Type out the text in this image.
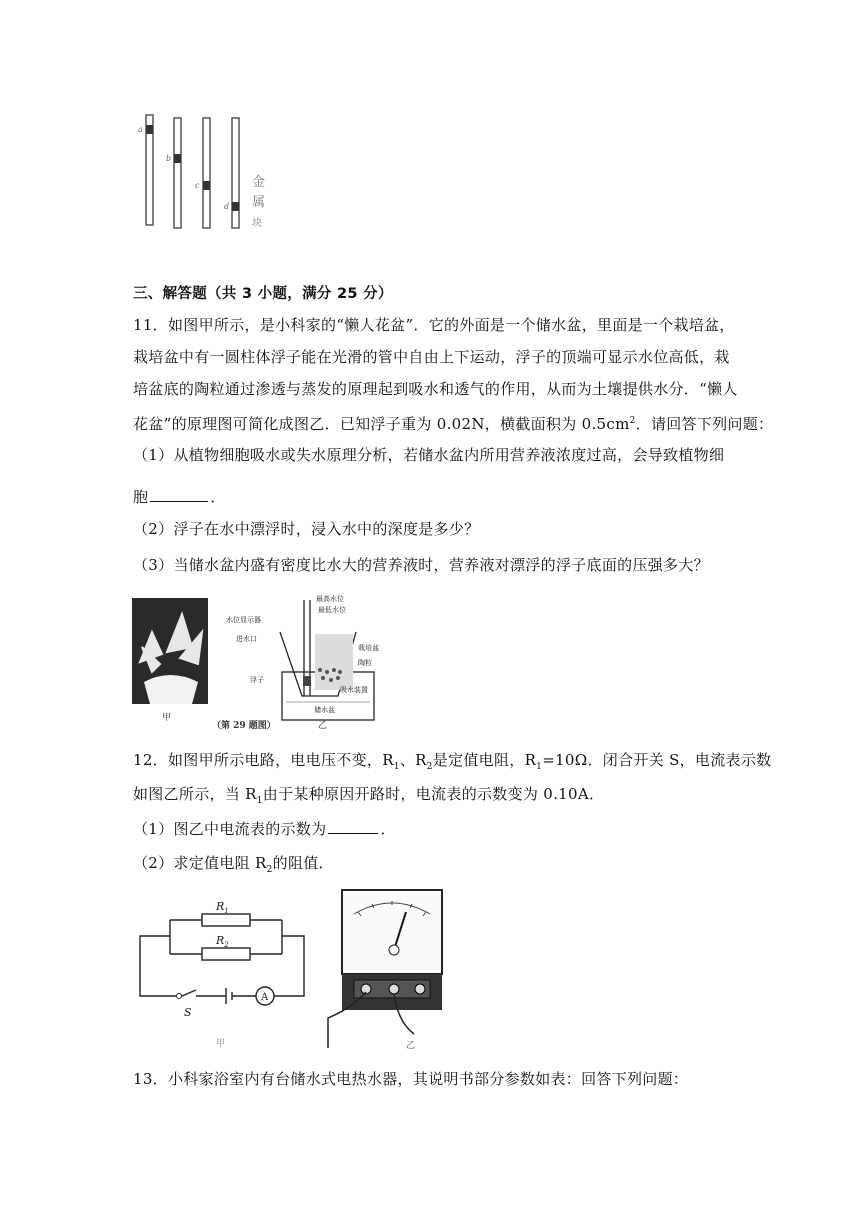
a
b
c
d
金
属
块
三、解答题（共 3 小题，满分 25 分）
11．如图甲所示，是小科家的“懒人花盆”．它的外面是一个储水盆，里面是一个栽培盆，
栽培盆中有一圆柱体浮子能在光滑的管中自由上下运动，浮子的顶端可显示水位高低，栽
培盆底的陶粒通过渗透与蒸发的原理起到吸水和透气的作用，从而为土壤提供水分．“懒人
花盆”的原理图可简化成图乙．已知浮子重为 0.02N，横截面积为 $0.5cm^2$．请回答下列问题：
（1）从植物细胞吸水或失水原理分析，若储水盆内所用营养液浓度过高，会导致植物细
胞	．
（2）浮子在水中漂浮时，浸入水中的深度是多少？
（3）当储水盆内盛有密度比水大的营养液时，营养液对漂浮的浮子底面的压强多大？
甲
最高水位
最低水位
水位显示器
进水口
栽培盆
陶粒
浮子
吸水装置
储水盆
（第 29 题图）	乙
12．如图甲所示电路，电电压不变，$R_1$、$R_2$是定值电阻，$R_1=10\Omega$．闭合开关 S，电流表示数
如图乙所示，当 $R_1$由于某种原因开路时，电流表的示数变为 0.10A．
（1）图乙中电流表的示数为	．
（2）求定值电阻 $R_2$的阻值．
$R_1$
$R_2$
S
A
甲	乙
13．小科家浴室内有台储水式电热水器，其说明书部分参数如表：回答下列问题：
